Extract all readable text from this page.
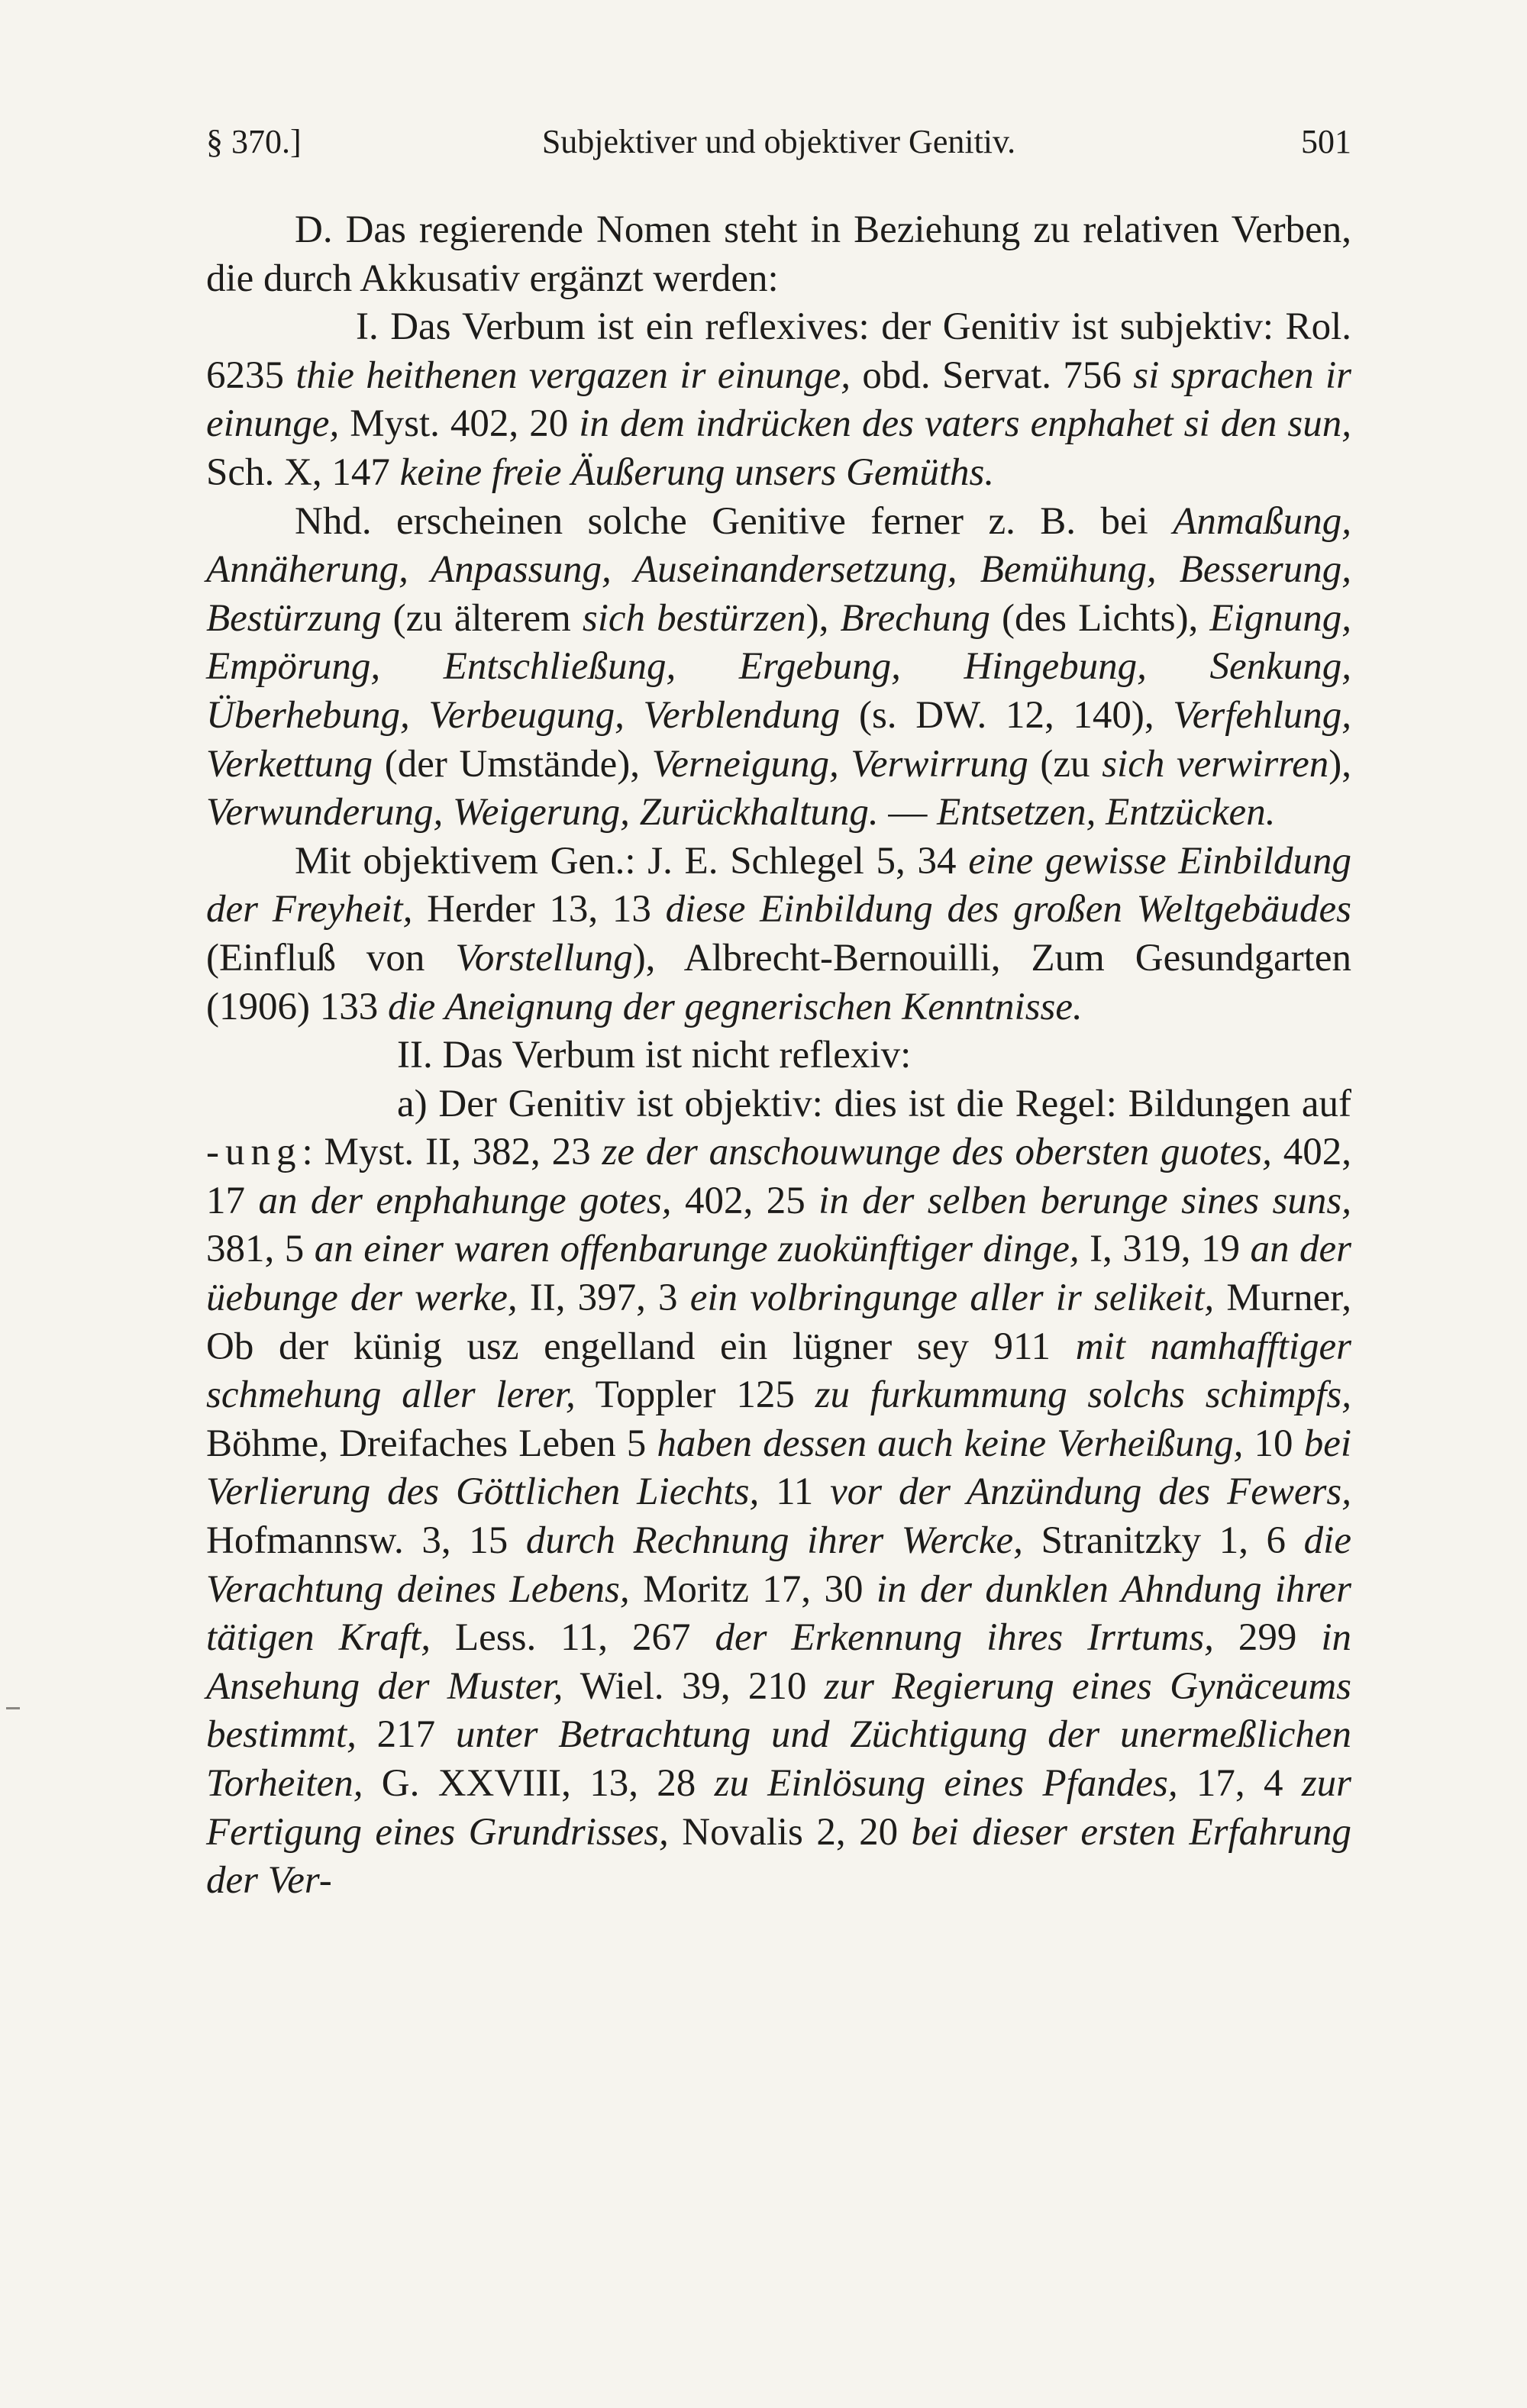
§ 370.]	Subjektiver und objektiver Genitiv.	501

D. Das regierende Nomen steht in Beziehung zu relativen Verben, die durch Akkusativ ergänzt werden:

I. Das Verbum ist ein reflexives: der Genitiv ist subjektiv: Rol. 6235 thie heithenen vergazen ir einunge, obd. Servat. 756 si sprachen ir einunge, Myst. 402, 20 in dem indrücken des vaters enphahet si den sun, Sch. X, 147 keine freie Äußerung unsers Gemüths.

Nhd. erscheinen solche Genitive ferner z. B. bei Anmaßung, Annäherung, Anpassung, Auseinandersetzung, Bemühung, Besserung, Bestürzung (zu älterem sich bestürzen), Brechung (des Lichts), Eignung, Empörung, Entschließung, Ergebung, Hingebung, Senkung, Überhebung, Verbeugung, Verblendung (s. DW. 12, 140), Verfehlung, Verkettung (der Umstände), Verneigung, Verwirrung (zu sich verwirren), Verwunderung, Weigerung, Zurückhaltung. — Entsetzen, Entzücken.

Mit objektivem Gen.: J. E. Schlegel 5, 34 eine gewisse Einbildung der Freyheit, Herder 13, 13 diese Einbildung des großen Weltgebäudes (Einfluß von Vorstellung), Albrecht-Bernouilli, Zum Gesundgarten (1906) 133 die Aneignung der gegnerischen Kenntnisse.

II. Das Verbum ist nicht reflexiv:

a) Der Genitiv ist objektiv: dies ist die Regel: Bildungen auf -ung: Myst. II, 382, 23 ze der anschouwunge des obersten guotes, 402, 17 an der enphahunge gotes, 402, 25 in der selben berunge sines suns, 381, 5 an einer waren offenbarunge zuokünftiger dinge, I, 319, 19 an der üebunge der werke, II, 397, 3 ein volbringunge aller ir selikeit, Murner, Ob der künig usz engelland ein lügner sey 911 mit namhafftiger schmehung aller lerer, Toppler 125 zu furkummung solchs schimpfs, Böhme, Dreifaches Leben 5 haben dessen auch keine Verheißung, 10 bei Verlierung des Göttlichen Liechts, 11 vor der Anzündung des Fewers, Hofmannsw. 3, 15 durch Rechnung ihrer Wercke, Stranitzky 1, 6 die Verachtung deines Lebens, Moritz 17, 30 in der dunklen Ahndung ihrer tätigen Kraft, Less. 11, 267 der Erkennung ihres Irrtums, 299 in Ansehung der Muster, Wiel. 39, 210 zur Regierung eines Gynäceums bestimmt, 217 unter Betrachtung und Züchtigung der unermeßlichen Torheiten, G. XXVIII, 13, 28 zu Einlösung eines Pfandes, 17, 4 zur Fertigung eines Grundrisses, Novalis 2, 20 bei dieser ersten Erfahrung der Ver-
